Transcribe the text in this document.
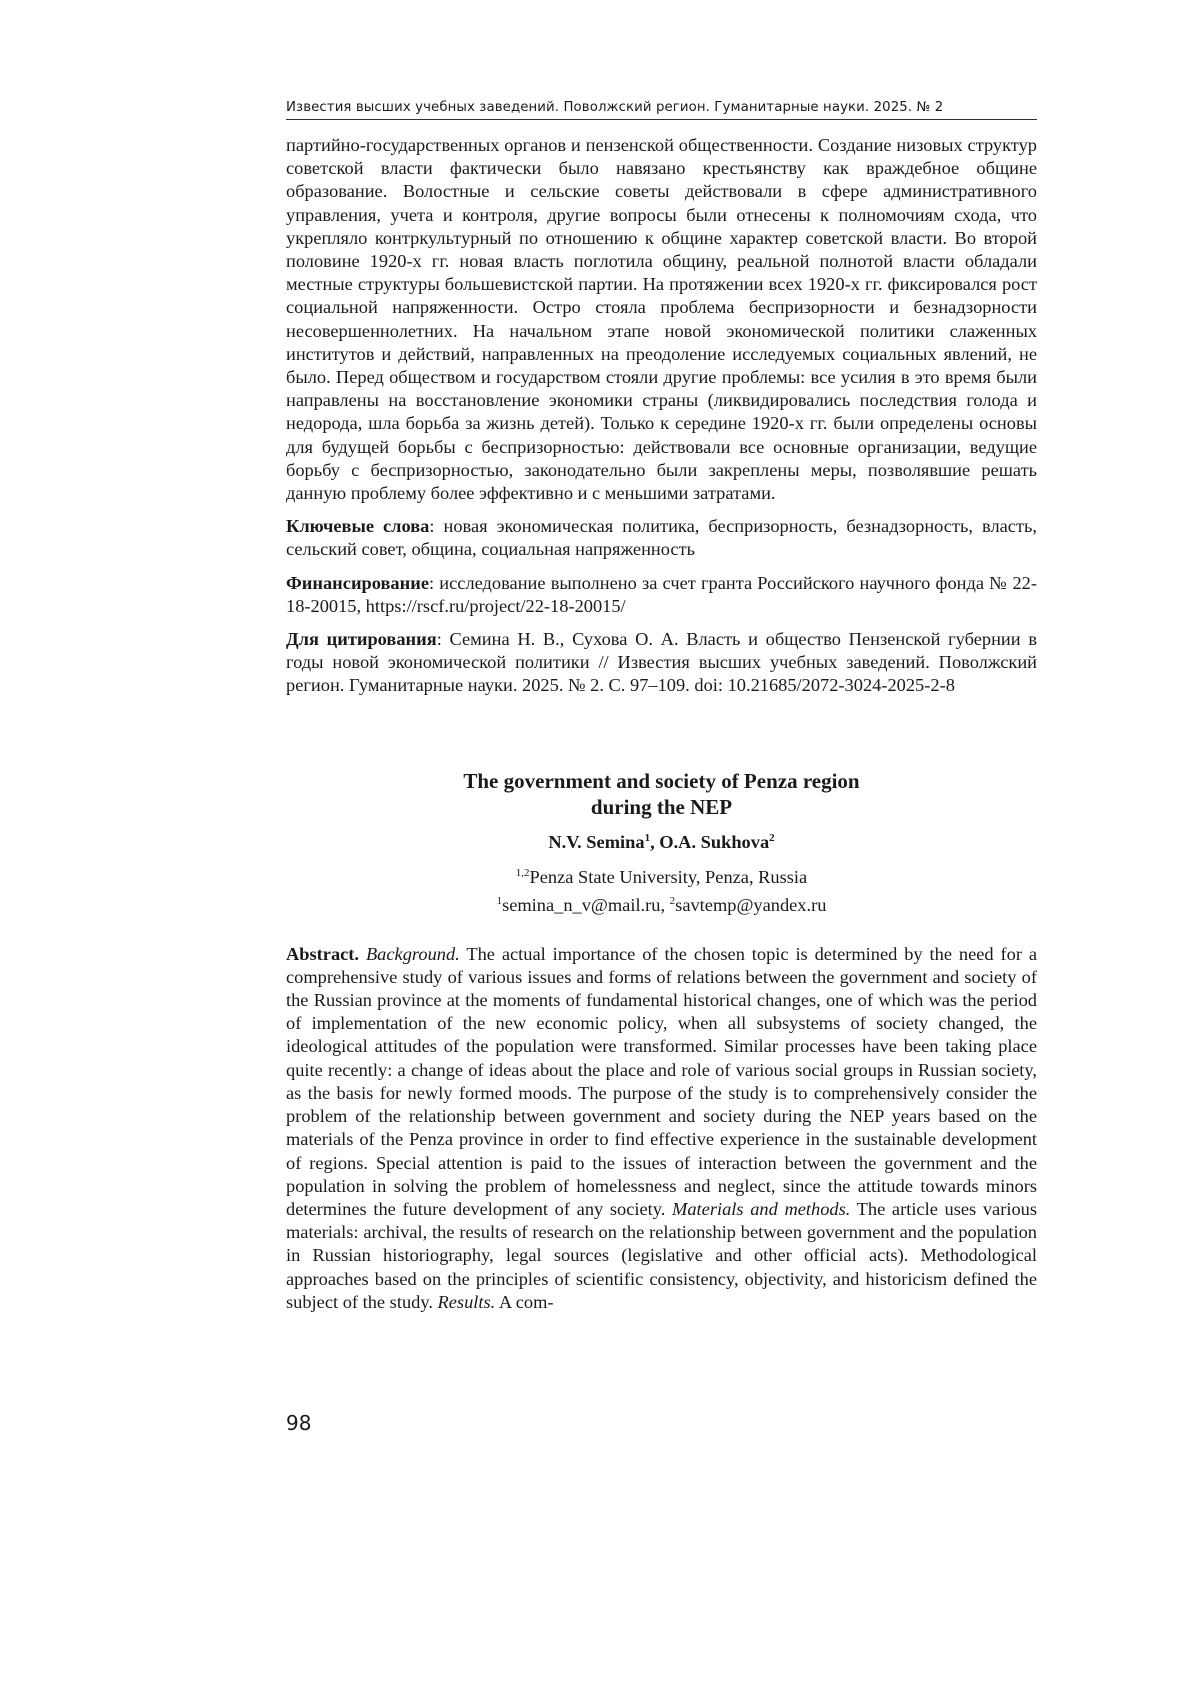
Известия высших учебных заведений. Поволжский регион. Гуманитарные науки. 2025. № 2

партийно-государственных органов и пензенской общественности. Создание низовых структур советской власти фактически было навязано крестьянству как враждебное общине образование. Волостные и сельские советы действовали в сфере административного управления, учета и контроля, другие вопросы были отнесены к полномочиям схода, что укрепляло контркультурный по отношению к общине характер советской власти. Во второй половине 1920-х гг. новая власть поглотила общину, реальной полнотой власти обладали местные структуры большевистской партии. На протяжении всех 1920-х гг. фиксировался рост социальной напряженности. Остро стояла проблема беспризорности и безнадзорности несовершеннолетних. На начальном этапе новой экономической политики слаженных институтов и действий, направленных на преодоление исследуемых социальных явлений, не было. Перед обществом и государством стояли другие проблемы: все усилия в это время были направлены на восстановление экономики страны (ликвидировались последствия голода и недорода, шла борьба за жизнь детей). Только к середине 1920-х гг. были определены основы для будущей борьбы с беспризорностью: действовали все основные организации, ведущие борьбу с беспризорностью, законодательно были закреплены меры, позволявшие решать данную проблему более эффективно и с меньшими затратами.

Ключевые слова: новая экономическая политика, беспризорность, безнадзорность, власть, сельский совет, община, социальная напряженность

Финансирование: исследование выполнено за счет гранта Российского научного фонда № 22-18-20015, https://rscf.ru/project/22-18-20015/

Для цитирования: Семина Н. В., Сухова О. А. Власть и общество Пензенской губернии в годы новой экономической политики // Известия высших учебных заведений. Поволжский регион. Гуманитарные науки. 2025. № 2. С. 97–109. doi: 10.21685/2072-3024-2025-2-8

The government and society of Penza region
during the NEP
N.V. Semina$^1$, O.A. Sukhova$^2$
$^{1,2}$Penza State University, Penza, Russia
$^1$semina_n_v@mail.ru, $^2$savtemp@yandex.ru

Abstract. Background. The actual importance of the chosen topic is determined by the need for a comprehensive study of various issues and forms of relations between the government and society of the Russian province at the moments of fundamental historical changes, one of which was the period of implementation of the new economic policy, when all subsystems of society changed, the ideological attitudes of the population were transformed. Similar processes have been taking place quite recently: a change of ideas about the place and role of various social groups in Russian society, as the basis for newly formed moods. The purpose of the study is to comprehensively consider the problem of the relationship between government and society during the NEP years based on the materials of the Penza province in order to find effective experience in the sustainable development of regions. Special attention is paid to the issues of interaction between the government and the population in solving the problem of homelessness and neglect, since the attitude towards minors determines the future development of any society. Materials and methods. The article uses various materials: archival, the results of research on the relationship between government and the population in Russian historiography, legal sources (legislative and other official acts). Methodological approaches based on the principles of scientific consistency, objectivity, and historicism defined the subject of the study. Results. A com-

98
